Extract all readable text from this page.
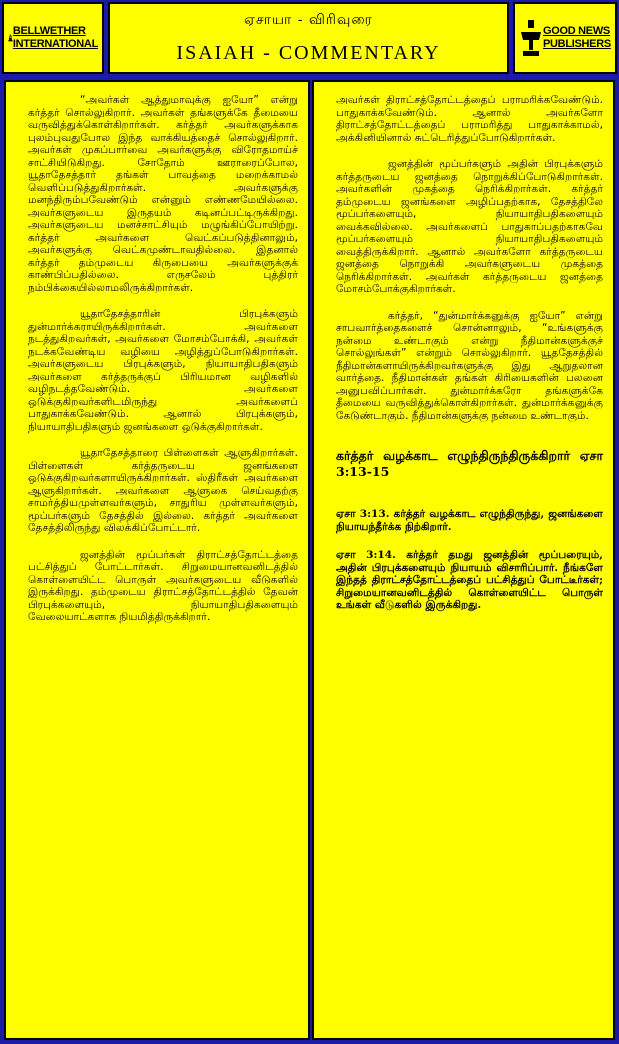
BELLWETHER
INTERNATIONAL
ஏசாயா - விரிவுரை
ISAIAH - COMMENTARY
GOOD NEWS
PUBLISHERS

“அவர்கள் ஆத்துமாவுக்கு ஐயோ” என்று கர்த்தர் சொல்லுகிறார். அவர்கள் தங்களுக்கே தீமையை வருவித்துக்கொள்கிறார்கள். கர்த்தர் அவர்களுக்காக புலம்புவதுபோல இந்த வாக்கியத்தைச் சொல்லுகிறார். அவர்கள் முகப்பார்வை அவர்களுக்கு விரோதமாய்ச் சாட்சியிடுகிறது. சோதோம் ஊராரைப்போல, யூதாதேசத்தார் தங்கள் பாவத்தை மறைக்காமல் வெளிப்படுத்துகிறார்கள். அவர்களுக்கு மனந்திரும்பவேண்டும் என்னும் எண்ணமேயில்லை. அவர்களுடைய இருதயம் கடினப்பட்டிருக்கிறது. அவர்களுடைய மனச்சாட்சியும் மழுங்கிப்போயிற்று. கர்த்தர் அவர்களை வெட்கப்படுத்தினாலும், அவர்களுக்கு வெட்கமுண்டாவதில்லை. இதனால் கர்த்தர் தம்முடைய கிருபையை அவர்களுக்குக் காண்பிப்பதில்லை. எருசலேம் புத்திரர் நம்பிக்கையில்லாமலிருக்கிறார்கள்.

யூதாதேசத்தாரின் பிரபுக்களும் துன்மார்க்கராயிருக்கிறார்கள். அவர்களை நடத்துகிறவர்கள், அவர்களை மோசம்போக்கி, அவர்கள் நடக்கவேண்டிய வழியை அழித்துப்போடுகிறார்கள். அவர்களுடைய பிரபுக்களும், நியாயாதிபதிகளும் அவர்களை கர்த்தருக்குப் பிரியமான வழிகளில் வழிநடத்தவேண்டும். அவர்களை ஒடுக்குகிறவர்களிடமிருந்து அவர்களைப் பாதுகாக்கவேண்டும். ஆனால் பிரபுக்களும், நியாயாதிபதிகளும் ஜனங்களை ஒடுக்குகிறார்கள்.

யூதாதேசத்தாரை பிள்ளைகள் ஆளுகிறார்கள். பிள்ளைகள் கர்த்தருடைய ஜனங்களை ஒடுக்குகிறவர்களாயிருக்கிறார்கள். ஸ்திரீகள் அவர்களை ஆளுகிறார்கள். அவர்களை ஆளுகை செய்வதற்கு சாமர்த்தியமுள்ளவர்களும், சாதுரிய முள்ளவர்களும், மூப்பர்களும் தேசத்தில் இல்லை. கர்த்தர் அவர்களை தேசத்திலிருந்து விலக்கிப்போட்டார்.

ஜனத்தின் மூப்பர்கள் திராட்சத்தோட்டத்தை பட்சித்துப் போட்டார்கள். சிறுமையானவனிடத்தில் கொள்ளையிட்ட பொருள் அவர்களுடைய வீடுகளில் இருக்கிறது. தம்முடைய திராட்சத்தோட்டத்தில் தேவன் பிரபுக்களையும், நியாயாதிபதிகளையும் வேலையாட்களாக நியமித்திருக்கிறார்.

அவர்கள் திராட்சத்தோட்டத்தைப் பராமரிக்கவேண்டும். பாதுகாக்கவேண்டும். ஆனால் அவர்களோ திராட்சத்தோட்டத்தைப் பராமரித்து பாதுகாக்காமல், அக்கினியினால் சுட்டெரித்துப்போடுகிறார்கள்.

ஜனத்தின் மூப்பர்களும் அதின் பிரபுக்களும் கர்த்தருடைய ஜனத்தை நொறுக்கிப்போடுகிறார்கள். அவர்களின் முகத்தை நெரிக்கிறார்கள். கர்த்தர் தம்முடைய ஜனங்களை அழிப்பதற்காக, தேசத்திலே மூப்பர்களையும், நியாயாதிபதிகளையும் வைக்கவில்லை. அவர்களைப் பாதுகாப்பதற்காகவே மூப்பர்களையும் நியாயாதிபதிகளையும் வைத்திருக்கிறார். ஆனால் அவர்களோ கர்த்தருடைய ஜனத்தை நொறுக்கி அவர்களுடைய முகத்தை நெரிக்கிறார்கள். அவர்கள் கர்த்தருடைய ஜனத்தை மோசம்போக்குகிறார்கள்.

கர்த்தர், “துன்மார்க்கனுக்கு ஐயோ” என்று சாபவார்த்தைகளைச் சொன்னாலும், “உங்களுக்கு நன்மை உண்டாகும் என்று நீதிமான்களுக்குச் சொல்லுங்கள்” என்றும் சொல்லுகிறார். யூததேசத்தில் நீதிமான்களாயிருக்கிறவர்களுக்கு இது ஆறுதலான வார்த்தை. நீதிமான்கள் தங்கள் கிரியைகளின் பலனை அனுபவிப்பார்கள். துன்மார்க்கரோ தங்களுக்கே தீமையை வருவித்துக்கொள்கிறார்கள். துன்மார்க்கனுக்கு கேடுண்டாகும். நீதிமான்களுக்கு நன்மை உண்டாகும்.

கர்த்தர் வழக்காட எழுந்திருந்திருக்கிறார் ஏசா 3:13-15

ஏசா 3:13. கர்த்தர் வழக்காட எழுந்திருந்து, ஜனங்களை நியாயந்தீர்க்க நிற்கிறார்.

ஏசா 3:14. கர்த்தர் தமது ஜனத்தின் மூப்பரையும், அதின் பிரபுக்களையும் நியாயம் விசாரிப்பார். நீங்களே இந்தத் திராட்சத்தோட்டத்தைப் பட்சித்துப் போட்டீர்கள்; சிறுமையானவனிடத்தில் கொள்ளையிட்ட பொருள் உங்கள் வீடுகளில் இருக்கிறது.
